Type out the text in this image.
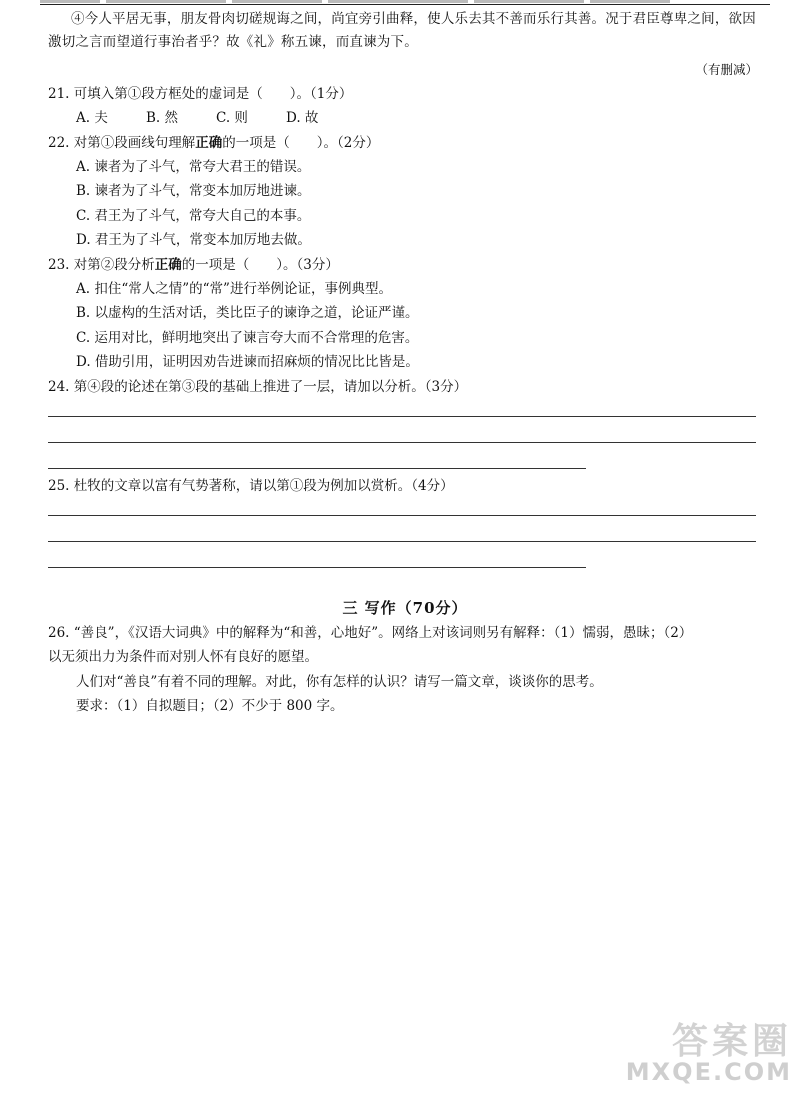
④今人平居无事，朋友骨肉切磋规诲之间，尚宜旁引曲释，使人乐去其不善而乐行其善。况于君臣尊卑之间，欲因激切之言而望道行事治者乎？故《礼》称五谏，而直谏为下。
（有删减）
21. 可填入第①段方框处的虚词是（　　）。（1分）
A. 夫	B. 然	C. 则	D. 故
22. 对第①段画线句理解正确的一项是（　　）。（2分）
A. 谏者为了斗气，常夸大君王的错误。
B. 谏者为了斗气，常变本加厉地进谏。
C. 君王为了斗气，常夸大自己的本事。
D. 君王为了斗气，常变本加厉地去做。
23. 对第②段分析正确的一项是（　　）。（3分）
A. 扣住“常人之情”的“常”进行举例论证，事例典型。
B. 以虚构的生活对话，类比臣子的谏诤之道，论证严谨。
C. 运用对比，鲜明地突出了谏言夸大而不合常理的危害。
D. 借助引用，证明因劝告进谏而招麻烦的情况比比皆是。
24. 第④段的论述在第③段的基础上推进了一层，请加以分析。（3分）
25. 杜牧的文章以富有气势著称，请以第①段为例加以赏析。（4分）
三 写作（70分）
26. “善良”，《汉语大词典》中的解释为“和善，心地好”。网络上对该词则另有解释：（1）懦弱，愚昧；（2）
以无须出力为条件而对别人怀有良好的愿望。
人们对“善良”有着不同的理解。对此，你有怎样的认识？请写一篇文章，谈谈你的思考。
要求：（1）自拟题目；（2）不少于 800 字。
答案圈
MXQE.COM
